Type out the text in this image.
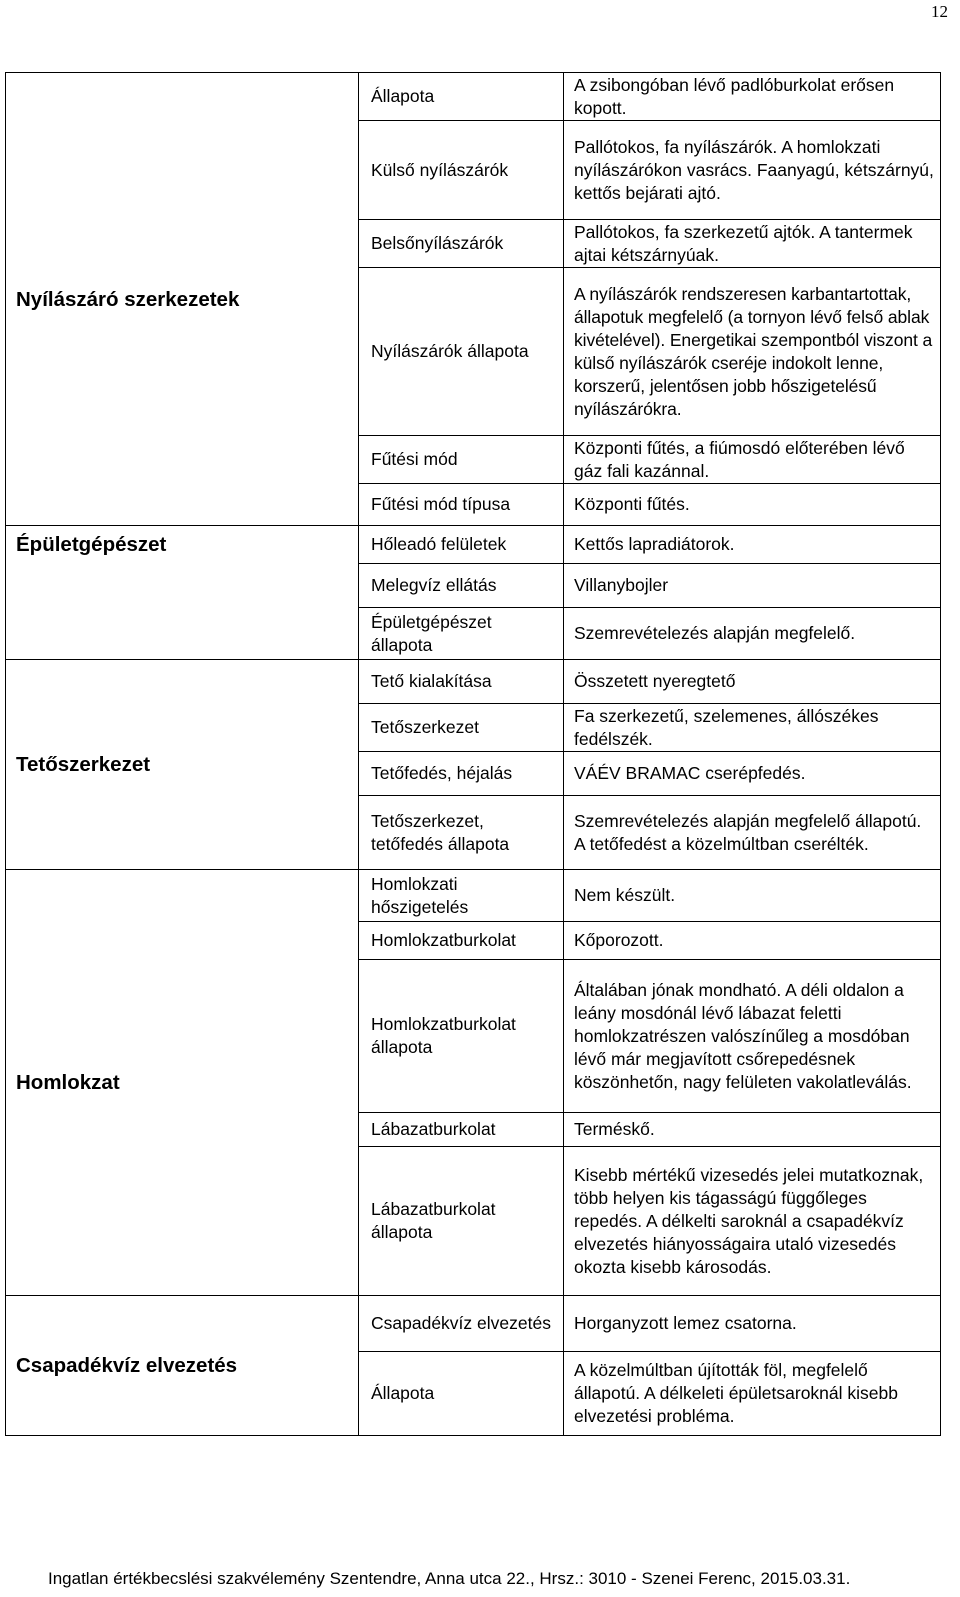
12
Nyílászáró szerkezetek	Állapota	A zsibongóban lévő padlóburkolat erősen kopott.
	Külső nyílászárók	Pallótokos, fa nyílászárók. A homlokzati nyílászárókon vasrács. Faanyagú, kétszárnyú, kettős bejárati ajtó.
	Belsőnyílászárók	Pallótokos, fa szerkezetű ajtók. A tantermek ajtai kétszárnyúak.
	Nyílászárók állapota	A nyílászárók rendszeresen karbantartottak, állapotuk megfelelő (a tornyon lévő felső ablak kivételével). Energetikai szempontból viszont a külső nyílászárók cseréje indokolt lenne, korszerű, jelentősen jobb hőszigetelésű nyílászárókra.
	Fűtési mód	Központi fűtés, a fiúmosdó előterében lévő gáz fali kazánnal.
	Fűtési mód típusa	Központi fűtés.
Épületgépészet	Hőleadó felületek	Kettős lapradiátorok.
	Melegvíz ellátás	Villanybojler
	Épületgépészet állapota	Szemrevételezés alapján megfelelő.
Tetőszerkezet	Tető kialakítása	Összetett nyeregtető
	Tetőszerkezet	Fa szerkezetű, szelemenes, állószékes fedélszék.
	Tetőfedés, héjalás	VÁÉV BRAMAC cserépfedés.
	Tetőszerkezet, tetőfedés állapota	Szemrevételezés alapján megfelelő állapotú. A tetőfedést a közelmúltban cserélték.
Homlokzat	Homlokzati hőszigetelés	Nem készült.
	Homlokzatburkolat	Kőporozott.
	Homlokzatburkolat állapota	Általában jónak mondható. A déli oldalon a leány mosdónál lévő lábazat feletti homlokzatrészen valószínűleg a mosdóban lévő már megjavított csőrepedésnek köszönhetőn, nagy felületen vakolatleválás.
	Lábazatburkolat	Terméskő.
	Lábazatburkolat állapota	Kisebb mértékű vizesedés jelei mutatkoznak, több helyen kis tágasságú függőleges repedés. A délkelti saroknál a csapadékvíz elvezetés hiányosságaira utaló vizesedés okozta kisebb károsodás.
Csapadékvíz elvezetés	Csapadékvíz elvezetés	Horganyzott lemez csatorna.
	Állapota	A közelmúltban újították föl, megfelelő állapotú. A délkeleti épületsaroknál kisebb elvezetési probléma.
Ingatlan értékbecslési szakvélemény Szentendre, Anna utca 22., Hrsz.: 3010 - Szenei Ferenc, 2015.03.31.
